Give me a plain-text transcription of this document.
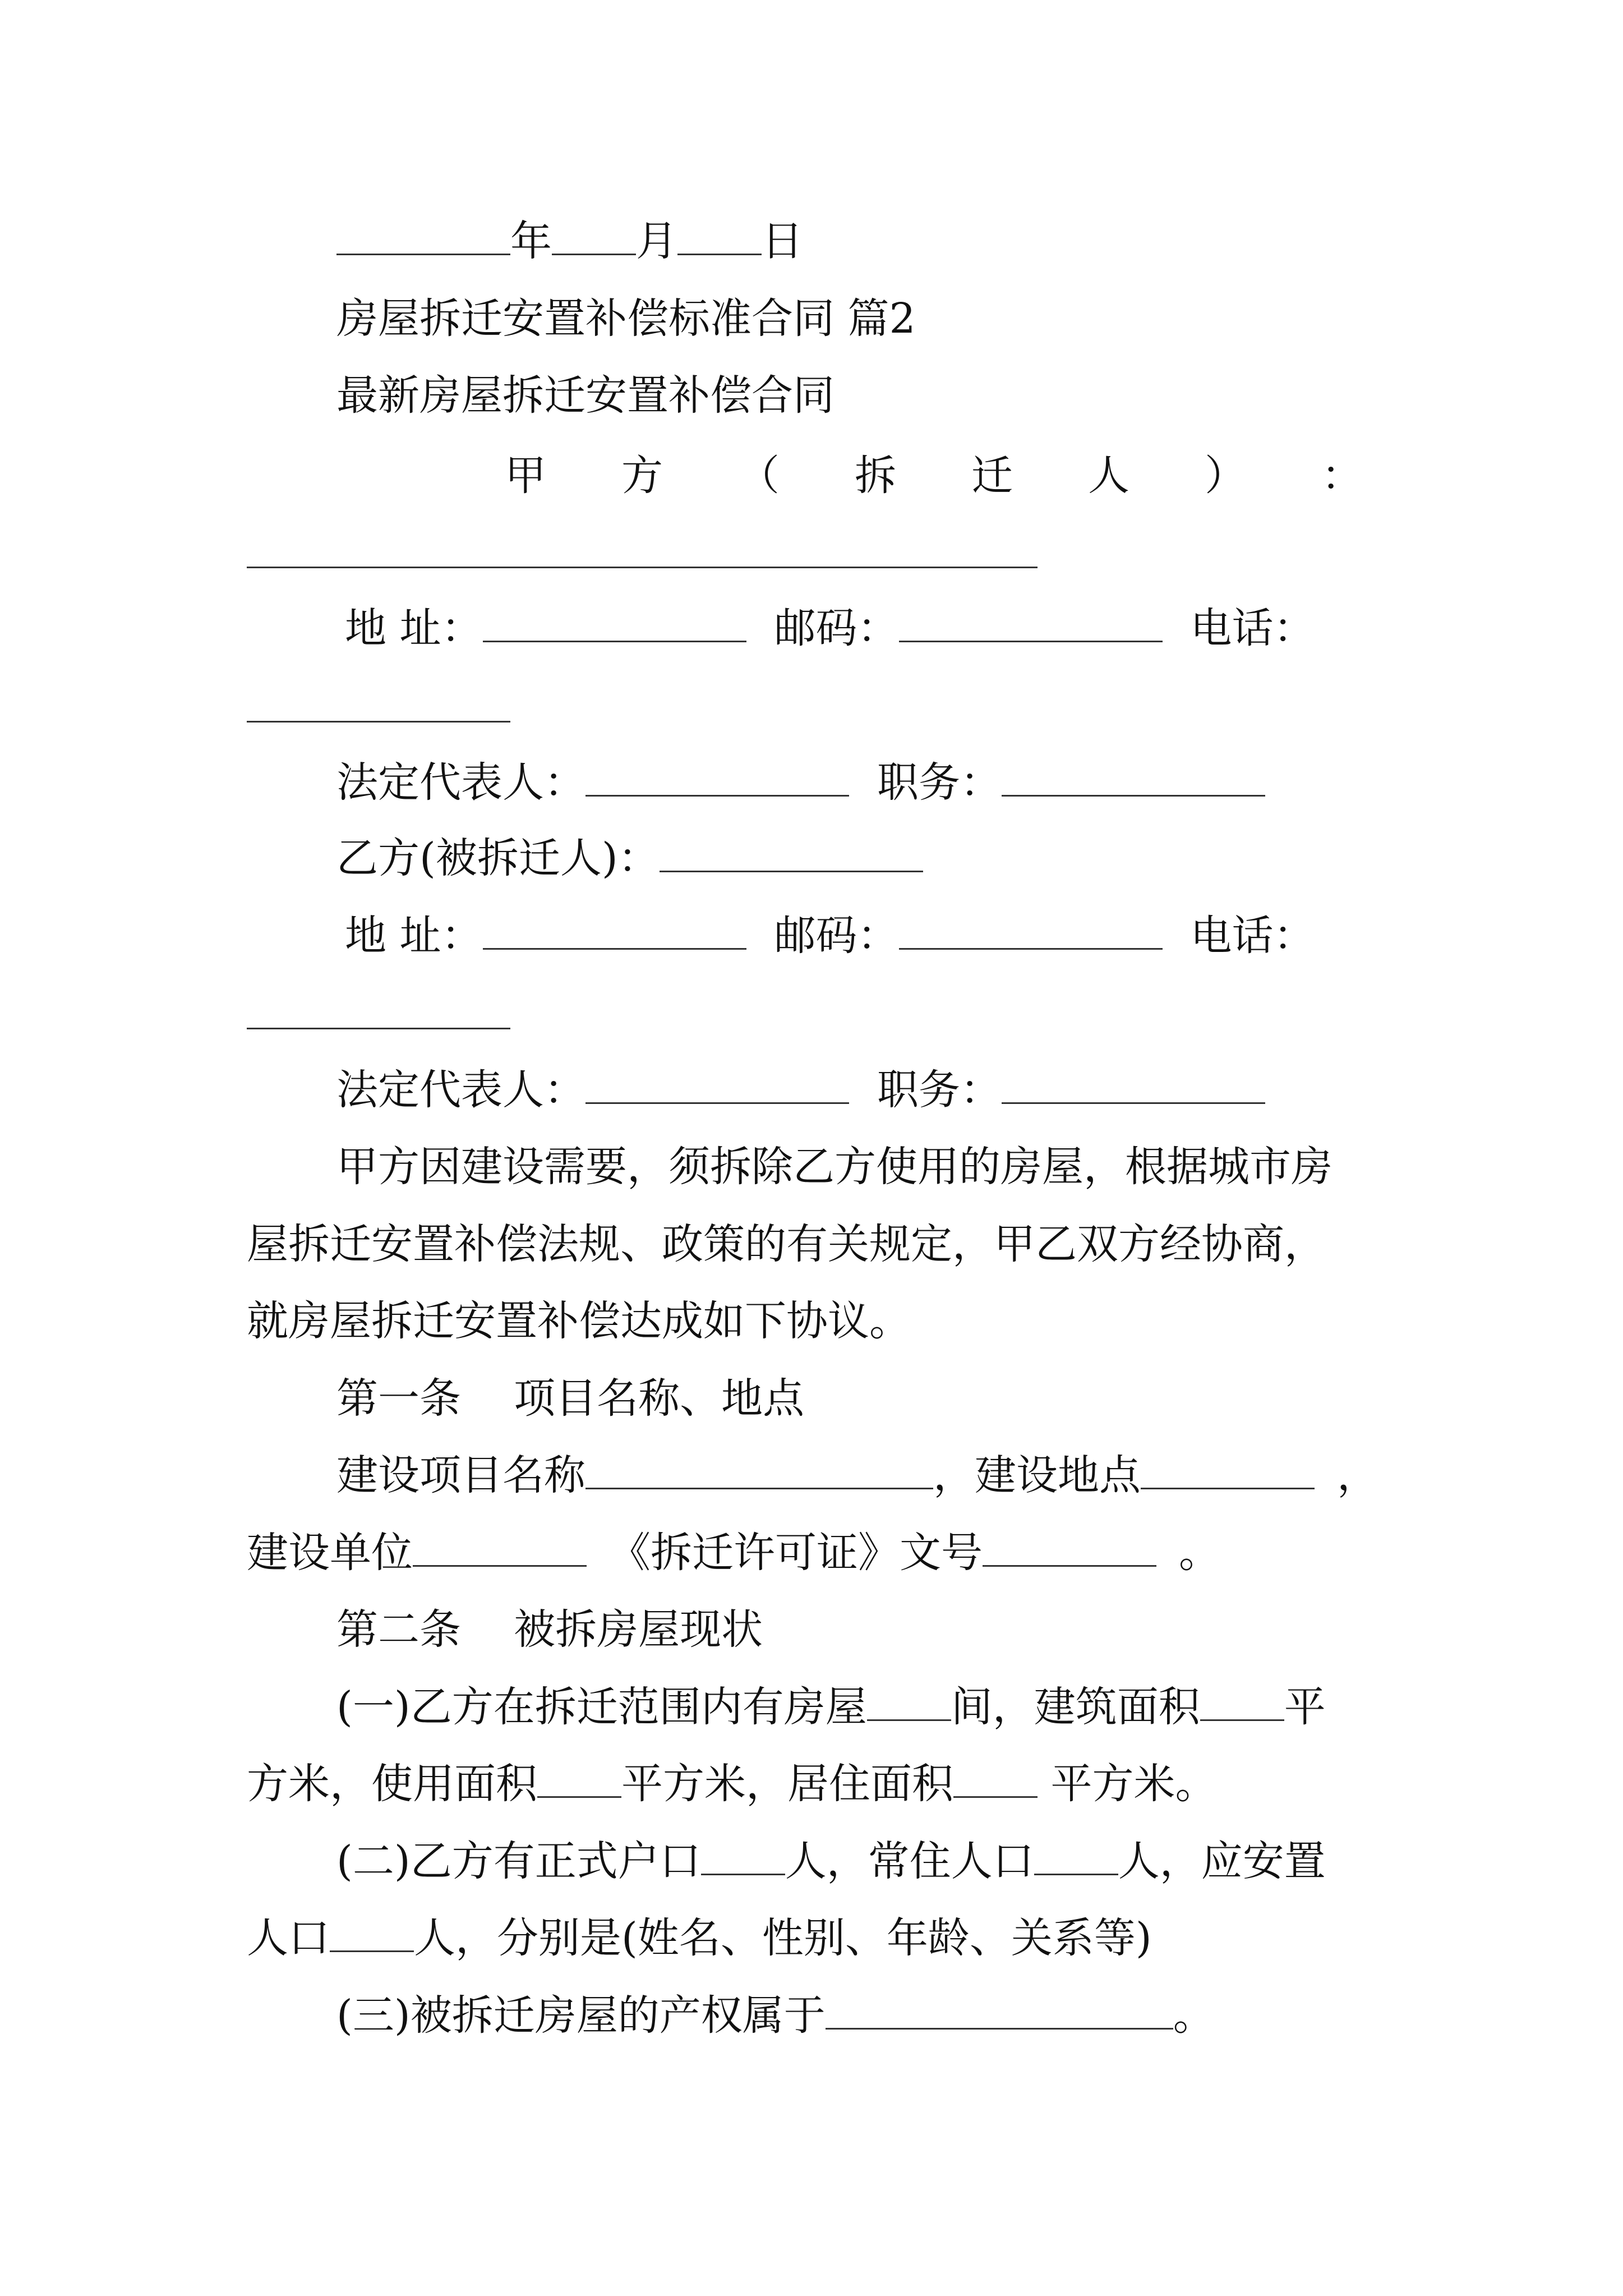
年 月 日
房屋拆迁安置补偿标准合同 篇2
最新房屋拆迁安置补偿合同
甲 方 （ 拆 迁 人 ） ：
地 址：	邮码：	电话：
法定代表人：	职务：
乙方(被拆迁人)：
地 址：	邮码：	电话：
法定代表人：	职务：
甲方因建设需要，须拆除乙方使用的房屋，根据城市房
屋拆迁安置补偿法规、政策的有关规定，甲乙双方经协商，
就房屋拆迁安置补偿达成如下协议。
第一条    项目名称、地点
建设项目名称	，建设地点	，
建设单位	《拆迁许可证》文号	。
第二条    被拆房屋现状
(一)乙方在拆迁范围内有房屋 间，建筑面积 平
方米，使用面积 平方米，居住面积 平方米。
(二)乙方有正式户口 人，常住人口 人，应安置
人口 人，分别是(姓名、性别、年龄、关系等)
(三)被拆迁房屋的产权属于	。
